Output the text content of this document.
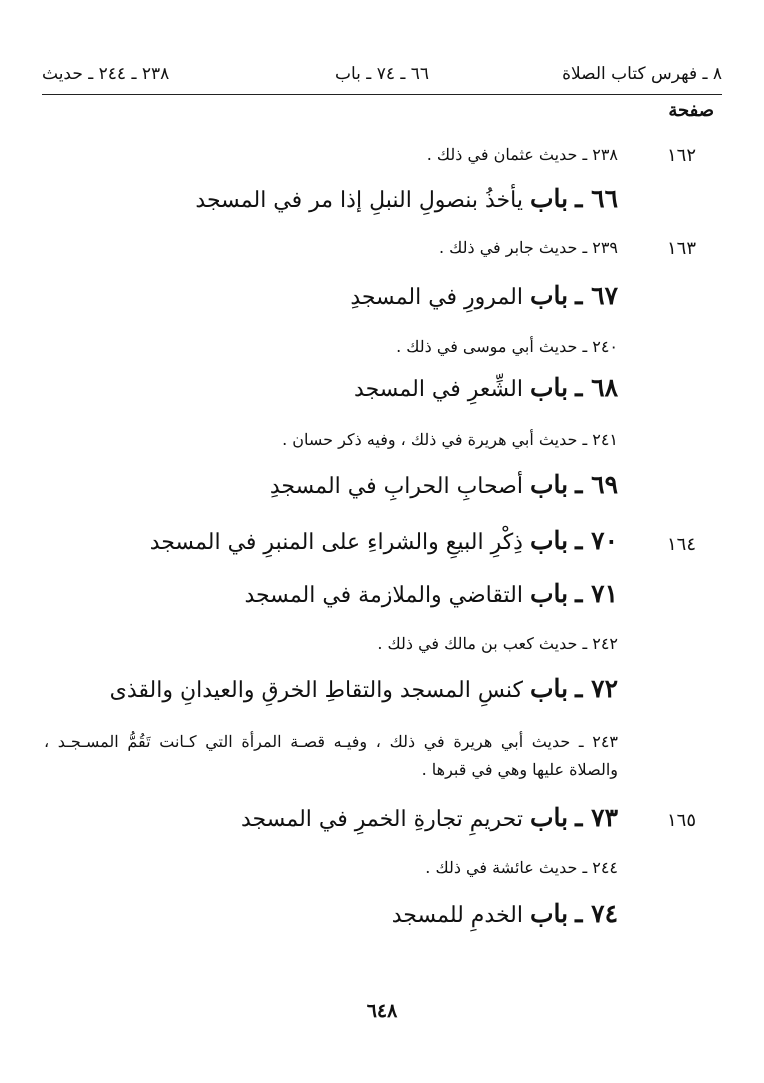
٨ ـ فهرس كتاب الصلاة
٦٦ ـ ٧٤ ـ باب
٢٣٨ ـ ٢٤٤ ـ حديث
صفحة
١٦٢
١٦٣
١٦٤
١٦٥
٢٣٨ ـ حديث عثمان في ذلك .
٦٦ ـ باب يأخذُ بنصولِ النبلِ إذا مر في المسجد
٢٣٩ ـ حديث جابر في ذلك .
٦٧ ـ باب المرورِ في المسجدِ
٢٤٠ ـ حديث أبي موسى في ذلك .
٦٨ ـ باب الشِّعرِ في المسجد
٢٤١ ـ حديث أبي هريرة في ذلك ، وفيه ذكر حسان .
٦٩ ـ باب أصحابِ الحرابِ في المسجدِ
٧٠ ـ باب ذِكْرِ البيعِ والشراءِ على المنبرِ في المسجد
٧١ ـ باب التقاضي والملازمة في المسجد
٢٤٢ ـ حديث كعب بن مالك في ذلك .
٧٢ ـ باب كنسِ المسجد والتقاطِ الخرقِ والعيدانِ والقذى
٢٤٣ ـ حديث أبي هريرة في ذلك ، وفيـه قصـة المرأة التي كـانت تَقُمُّ المسـجـد ، والصلاة عليها وهي في قبرها .
٧٣ ـ باب تحريمِ تجارةِ الخمرِ في المسجد
٢٤٤ ـ حديث عائشة في ذلك .
٧٤ ـ باب الخدمِ للمسجد
٦٤٨
